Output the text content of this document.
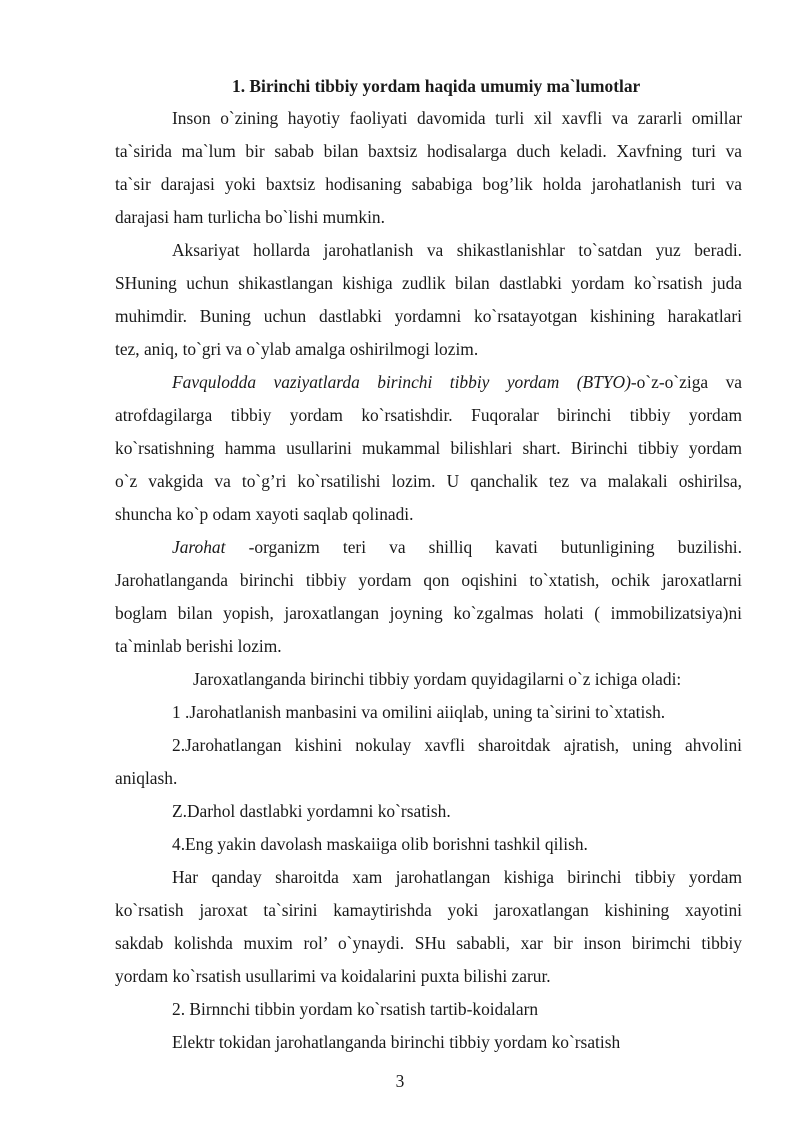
1. Birinchi tibbiy yordam haqida umumiy ma`lumotlar
Inson o`zining hayotiy faoliyati davomida turli xil xavfli va zararli omillar
ta`sirida ma`lum bir sabab bilan baxtsiz hodisalarga duch keladi. Xavfning turi va
ta`sir darajasi yoki baxtsiz hodisaning sababiga bog’lik holda jarohatlanish turi va
darajasi ham turlicha bo`lishi mumkin.
Aksariyat hollarda jarohatlanish va shikastlanishlar to`satdan yuz beradi.
SHuning uchun shikastlangan kishiga zudlik bilan dastlabki yordam ko`rsatish juda
muhimdir. Buning uchun dastlabki yordamni ko`rsatayotgan kishining harakatlari
tez, aniq, to`gri va o`ylab amalga oshirilmogi lozim.
Favqulodda vaziyatlarda birinchi tibbiy yordam (BTYO)-o`z-o`ziga va
atrofdagilarga tibbiy yordam ko`rsatishdir. Fuqoralar birinchi tibbiy yordam
ko`rsatishning hamma usullarini mukammal bilishlari shart. Birinchi tibbiy yordam
o`z vakgida va to`g’ri ko`rsatilishi lozim. U qanchalik tez va malakali oshirilsa,
shuncha ko`p odam xayoti saqlab qolinadi.
Jarohat -organizm teri va shilliq kavati butunligining buzilishi.
Jarohatlanganda birinchi tibbiy yordam qon oqishini to`xtatish, ochik jaroxatlarni
boglam bilan yopish, jaroxatlangan joyning ko`zgalmas holati ( immobilizatsiya)ni
ta`minlab berishi lozim.
Jaroxatlanganda birinchi tibbiy yordam quyidagilarni o`z ichiga oladi:
1 .Jarohatlanish manbasini va omilini aiiqlab, uning ta`sirini to`xtatish.
2.Jarohatlangan kishini nokulay xavfli sharoitdak ajratish, uning ahvolini
aniqlash.
Z.Darhol dastlabki yordamni ko`rsatish.
4.Eng yakin davolash maskaiiga olib borishni tashkil qilish.
Har qanday sharoitda xam jarohatlangan kishiga birinchi tibbiy yordam
ko`rsatish jaroxat ta`sirini kamaytirishda yoki jaroxatlangan kishining xayotini
sakdab kolishda muxim rol’ o`ynaydi. SHu sababli, xar bir inson birimchi tibbiy
yordam ko`rsatish usullarimi va koidalarini puxta bilishi zarur.
2. Birnnchi tibbin yordam ko`rsatish tartib-koidalarn
Elektr tokidan jarohatlanganda birinchi tibbiy yordam ko`rsatish
3
